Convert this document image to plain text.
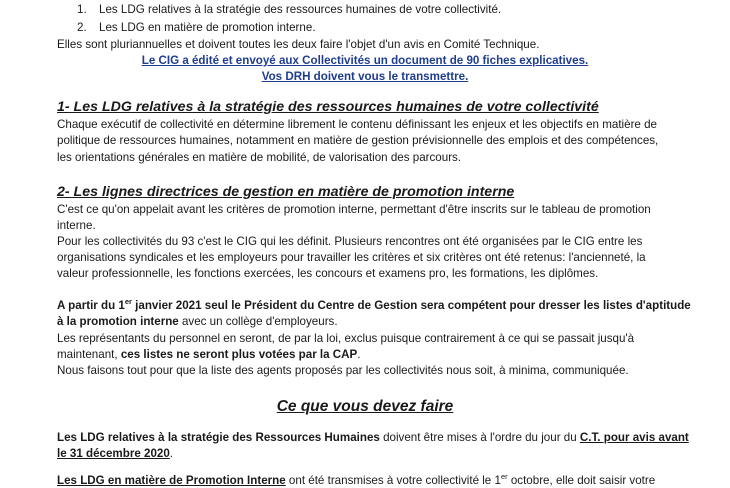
1. Les LDG relatives à la stratégie des ressources humaines de votre collectivité.
2. Les LDG en matière de promotion interne.
Elles sont pluriannuelles et doivent toutes les deux faire l'objet d'un avis en Comité Technique.
Le CIG a édité et envoyé aux Collectivités un document de 90 fiches explicatives.
Vos DRH doivent vous le transmettre.
1- Les LDG relatives à la stratégie des ressources humaines de votre collectivité
Chaque exécutif de collectivité en détermine librement le contenu définissant les enjeux et les objectifs en matière de
politique de ressources humaines, notamment en matière de gestion prévisionnelle des emplois et des compétences,
les orientations générales en matière de mobilité, de valorisation des parcours.
2- Les lignes directrices de gestion en matière de promotion interne
C'est ce qu'on appelait avant les critères de promotion interne, permettant d'être inscrits sur le tableau de promotion
interne.
Pour les collectivités du 93 c'est le CIG qui les définit. Plusieurs rencontres ont été organisées par le CIG entre les
organisations syndicales et les employeurs pour travailler les critères et six critères ont été retenus: l'ancienneté, la
valeur professionnelle, les fonctions exercées, les concours et examens pro, les formations, les diplômes.
A partir du 1er janvier 2021 seul le Président du Centre de Gestion sera compétent pour dresser les listes d'aptitude
à la promotion interne avec un collège d'employeurs.
Les représentants du personnel en seront, de par la loi, exclus puisque contrairement à ce qui se passait jusqu'à
maintenant, ces listes ne seront plus votées par la CAP.
Nous faisons tout pour que la liste des agents proposés par les collectivités nous soit, à minima, communiquée.
Ce que vous devez faire
Les LDG relatives à la stratégie des Ressources Humaines doivent être mises à l'ordre du jour du C.T. pour avis avant
le 31 décembre 2020.
Les LDG en matière de Promotion Interne ont été transmises à votre collectivité le 1er octobre, elle doit saisir votre
